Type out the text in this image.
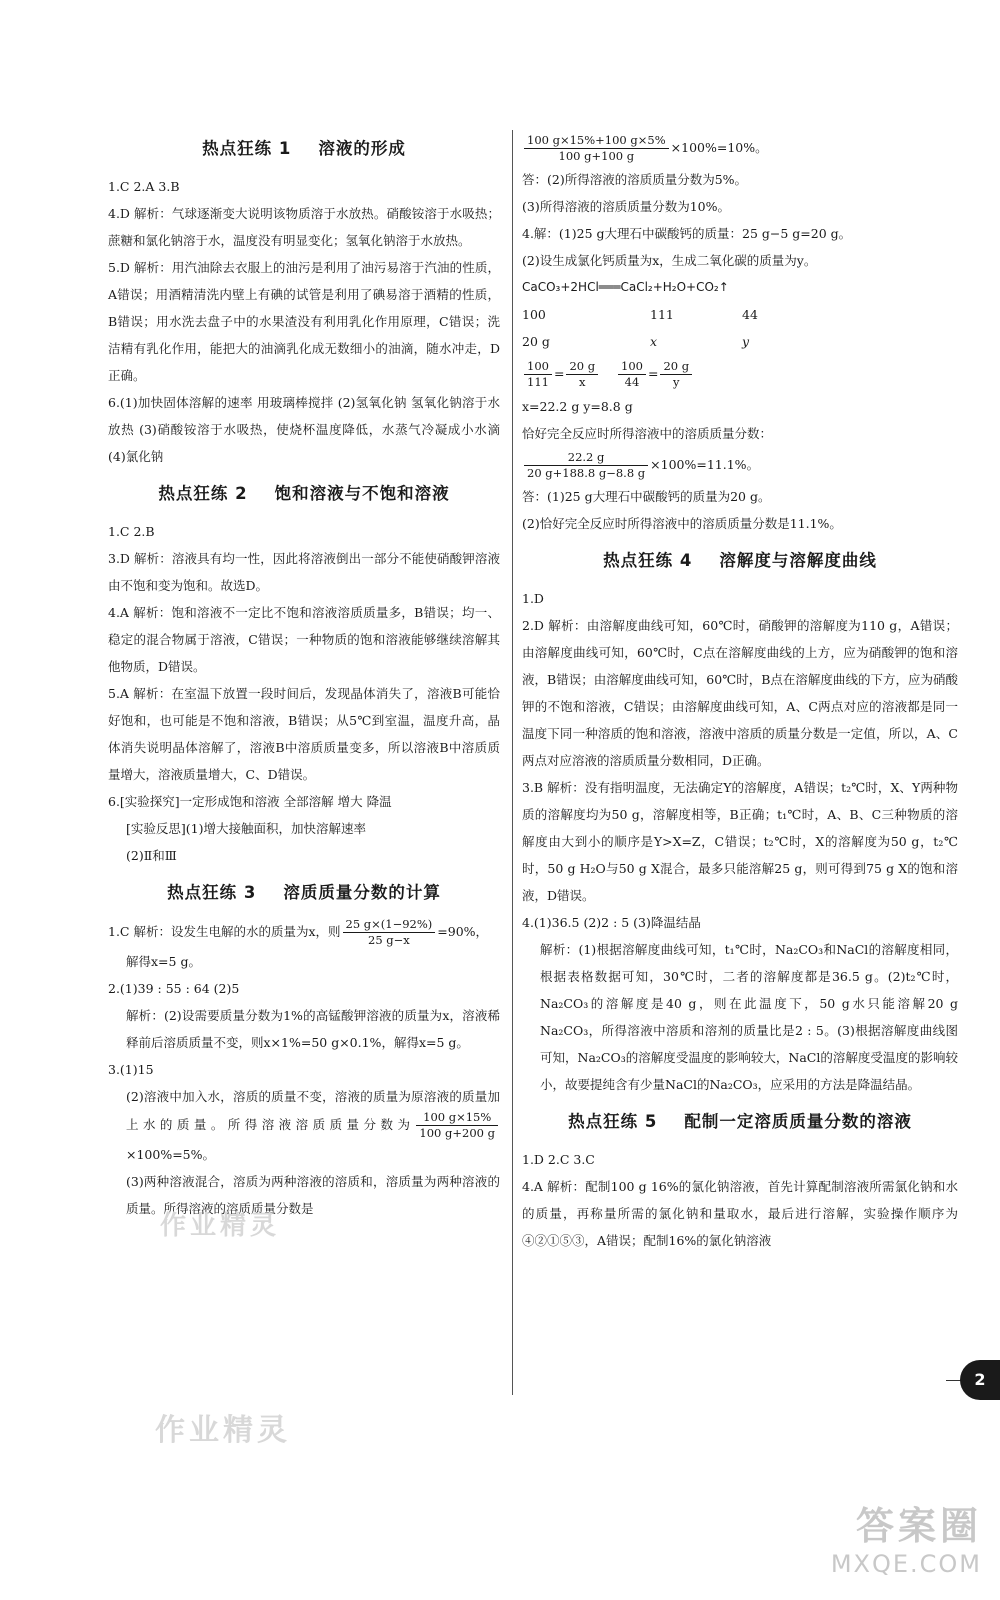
热点狂练 1    溶液的形成

1.C 2.A 3.B

4.D 解析：气球逐渐变大说明该物质溶于水放热。硝酸铵溶于水吸热；蔗糖和氯化钠溶于水，温度没有明显变化；氢氧化钠溶于水放热。

5.D 解析：用汽油除去衣服上的油污是利用了油污易溶于汽油的性质，A错误；用酒精清洗内壁上有碘的试管是利用了碘易溶于酒精的性质，B错误；用水洗去盘子中的水果渣没有利用乳化作用原理，C错误；洗洁精有乳化作用，能把大的油滴乳化成无数细小的油滴，随水冲走，D正确。

6.(1)加快固体溶解的速率 用玻璃棒搅拌 (2)氢氧化钠 氢氧化钠溶于水放热 (3)硝酸铵溶于水吸热，使烧杯温度降低，水蒸气冷凝成小水滴 (4)氯化钠

热点狂练 2    饱和溶液与不饱和溶液

1.C 2.B

3.D 解析：溶液具有均一性，因此将溶液倒出一部分不能使硝酸钾溶液由不饱和变为饱和。故选D。

4.A 解析：饱和溶液不一定比不饱和溶液溶质质量多，B错误；均一、稳定的混合物属于溶液，C错误；一种物质的饱和溶液能够继续溶解其他物质，D错误。

5.A 解析：在室温下放置一段时间后，发现晶体消失了，溶液B可能恰好饱和，也可能是不饱和溶液，B错误；从5℃到室温，温度升高，晶体消失说明晶体溶解了，溶液B中溶质质量变多，所以溶液B中溶质质量增大，溶液质量增大，C、D错误。

6.[实验探究]一定形成饱和溶液 全部溶解 增大 降温

[实验反思](1)增大接触面积，加快溶解速率

(2)Ⅱ和Ⅲ

热点狂练 3    溶质质量分数的计算

1.C 解析：设发生电解的水的质量为x，则 $\frac{25 g\times(1-92\%)}{25 g-x} =90\%$，

解得x=5 g。

2.(1)39 : 55 : 64 (2)5

解析：(2)设需要质量分数为1%的高锰酸钾溶液的质量为x，溶液稀释前后溶质质量不变，则x×1%=50 g×0.1%，解得x=5 g。

3.(1)15

(2)溶液中加入水，溶质的质量不变，溶液的质量为原溶液的质量加上水的质量。所得溶液溶质质量分数为 $\frac{100 g\times 15\%}{100 g+200 g}$
×100%=5%。

(3)两种溶液混合，溶质为两种溶液的溶质和，溶质量为两种溶液的质量。所得溶液的溶质质量分数是

$\frac{100 g\times 15\%+100 g\times 5\%}{100 g+100 g} \times 100\%=10\%$。

答：(2)所得溶液的溶质质量分数为5%。

(3)所得溶液的溶质质量分数为10%。

4.解：(1)25 g大理石中碳酸钙的质量：25 g−5 g=20 g。

(2)设生成氯化钙质量为x，生成二氧化碳的质量为y。

CaCO₃+2HCl═══CaCl₂+H₂O+CO₂↑

100	111	44
20 g	x	y

$\frac{100}{111} = \frac{20 g}{x}$
$\frac{100}{44} = \frac{20 g}{y}$

x=22.2 g y=8.8 g

恰好完全反应时所得溶液中的溶质质量分数：

$\frac{22.2 g}{20 g+188.8 g-8.8 g} \times 100\%=11.1\%$。

答：(1)25 g大理石中碳酸钙的质量为20 g。

(2)恰好完全反应时所得溶液中的溶质质量分数是11.1%。

热点狂练 4    溶解度与溶解度曲线

1.D

2.D 解析：由溶解度曲线可知，60℃时，硝酸钾的溶解度为110 g，A错误；由溶解度曲线可知，60℃时，C点在溶解度曲线的上方，应为硝酸钾的饱和溶液，B错误；由溶解度曲线可知，60℃时，B点在溶解度曲线的下方，应为硝酸钾的不饱和溶液，C错误；由溶解度曲线可知，A、C两点对应的溶液都是同一温度下同一种溶质的饱和溶液，溶液中溶质的质量分数是一定值，所以，A、C两点对应溶液的溶质质量分数相同，D正确。

3.B 解析：没有指明温度，无法确定Y的溶解度，A错误；t₂℃时，X、Y两种物质的溶解度均为50 g，溶解度相等，B正确；t₁℃时，A、B、C三种物质的溶解度由大到小的顺序是Y>X=Z，C错误；t₂℃时，X的溶解度为50 g，t₂℃时，50 g H₂O与50 g X混合，最多只能溶解25 g，则可得到75 g X的饱和溶液，D错误。

4.(1)36.5 (2)2 : 5 (3)降温结晶

解析：(1)根据溶解度曲线可知，t₁℃时，Na₂CO₃和NaCl的溶解度相同，根据表格数据可知，30℃时，二者的溶解度都是36.5 g。(2)t₂℃时，Na₂CO₃的溶解度是40 g，则在此温度下，50 g水只能溶解20 g Na₂CO₃，所得溶液中溶质和溶剂的质量比是2 : 5。(3)根据溶解度曲线图可知，Na₂CO₃的溶解度受温度的影响较大，NaCl的溶解度受温度的影响较小，故要提纯含有少量NaCl的Na₂CO₃，应采用的方法是降温结晶。

热点狂练 5    配制一定溶质质量分数的溶液

1.D 2.C 3.C

4.A 解析：配制100 g 16%的氯化钠溶液，首先计算配制溶液所需氯化钠和水的质量，再称量所需的氯化钠和量取水，最后进行溶解，实验操作顺序为④②①⑤③，A错误；配制16%的氯化钠溶液

作业精灵
作业精灵
2
答案圈
MXQE.COM
